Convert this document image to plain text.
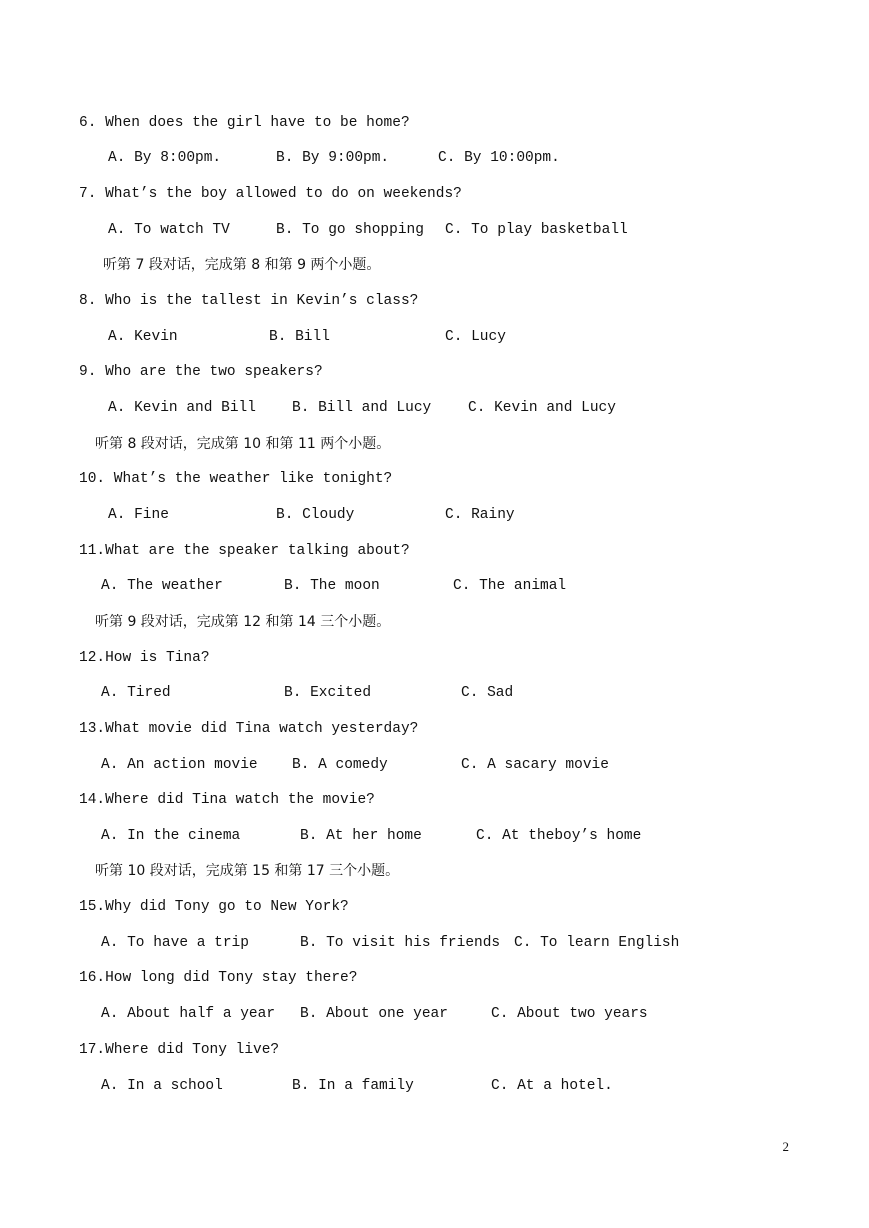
6. When does the girl have to be home?
A. By 8:00pm.	B. By 9:00pm.	C. By 10:00pm.
7. What’s the boy allowed to do on weekends?
A. To watch TV	B. To go shopping C. To play basketball
听第 7 段对话，完成第 8 和第 9 两个小题。
8. Who is the tallest in Kevin’s class?
A. Kevin	B. Bill	C. Lucy
9. Who are the two speakers?
A. Kevin and Bill B. Bill and Lucy	C. Kevin and Lucy
听第 8 段对话，完成第 10 和第 11 两个小题。
10. What’s the weather like tonight?
A. Fine	B. Cloudy	C. Rainy
11.What are the speaker talking about?
A. The weather	B. The moon	C. The animal
听第 9 段对话，完成第 12 和第 14 三个小题。
12.How is Tina?
A. Tired	B. Excited	C. Sad
13.What movie did Tina watch yesterday?
A. An action movie B. A comedy	C. A sacary movie
14.Where did Tina watch the movie?
A. In the cinema	B. At her home	C. At theboy’s home
听第 10 段对话，完成第 15 和第 17 三个小题。
15.Why did Tony go to New York?
A. To have a trip	B. To visit his friends C. To learn English
16.How long did Tony stay there?
A. About half a year B. About one year	C. About two years
17.Where did Tony live?
A. In a school	B. In a family	C. At a hotel.
2
